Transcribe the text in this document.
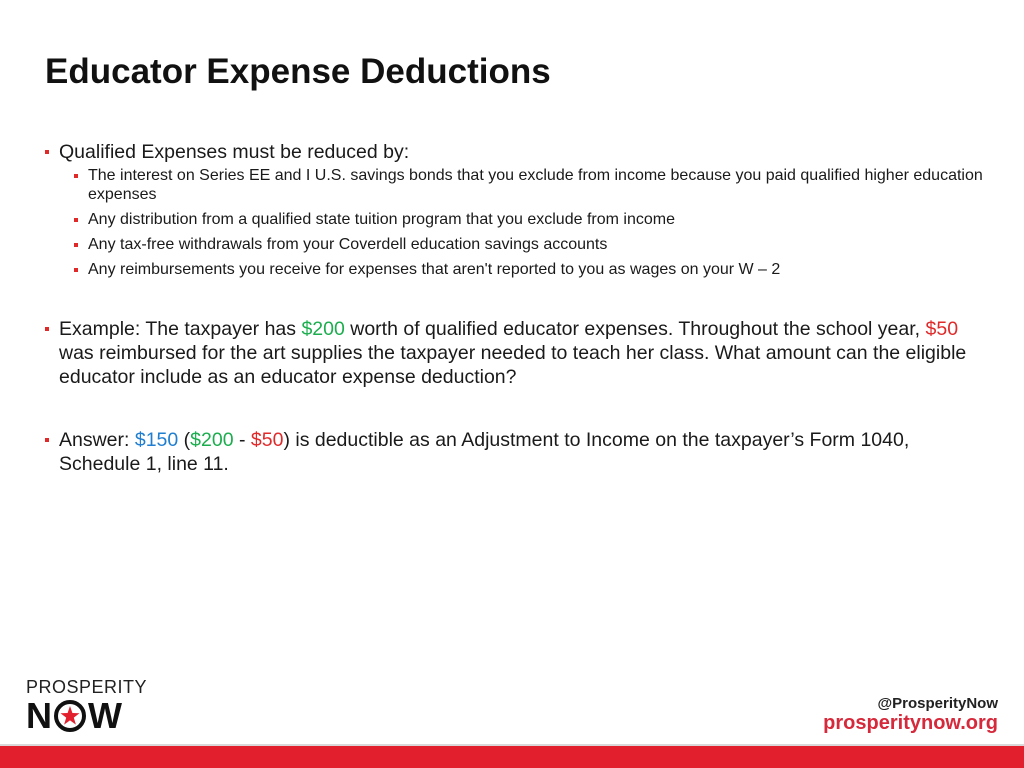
Educator Expense Deductions
Qualified Expenses must be reduced by:
The interest on Series EE and I U.S. savings bonds that you exclude from income because you paid qualified higher education expenses
Any distribution from a qualified state tuition program that you exclude from income
Any tax-free withdrawals from your Coverdell education savings accounts
Any reimbursements you receive for expenses that aren't reported to you as wages on your W – 2
Example: The taxpayer has $200 worth of qualified educator expenses. Throughout the school year, $50 was reimbursed for the art supplies the taxpayer needed to teach her class. What amount can the eligible educator include as an educator expense deduction?
Answer: $150 ($200 - $50) is deductible as an Adjustment to Income on the taxpayer’s Form 1040, Schedule 1, line 11.
PROSPERITY
N W	@ProsperityNow
prosperitynow.org
